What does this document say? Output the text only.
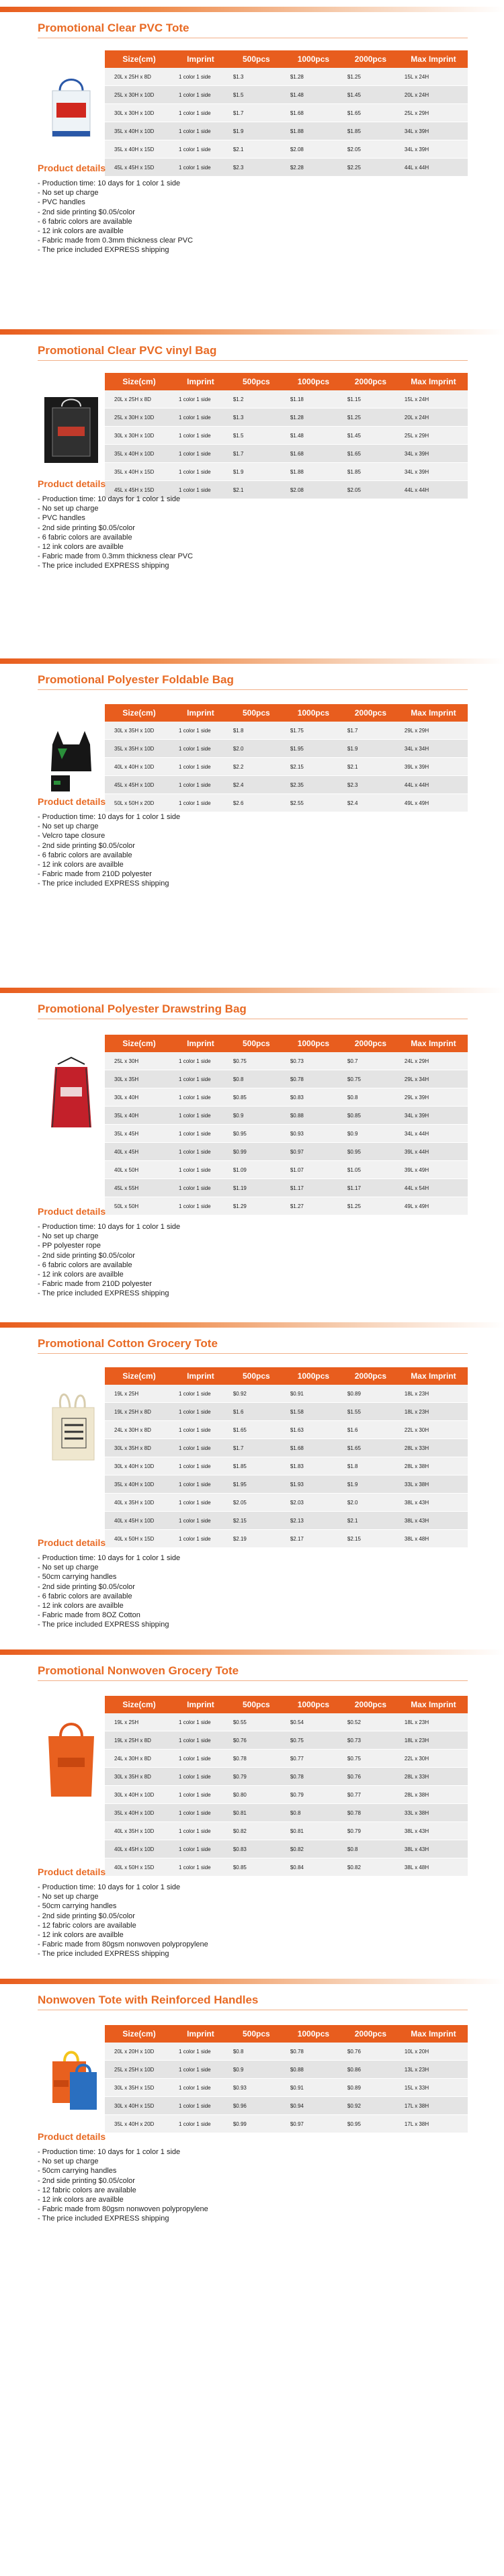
Promotional Clear PVC Tote
Size(cm)	Imprint	500pcs	1000pcs	2000pcs	Max Imprint
20L x 25H x 8D	1 color 1 side	$1.3	$1.28	$1.25	15L x 24H
25L x 30H x 10D	1 color 1 side	$1.5	$1.48	$1.45	20L x 24H
30L x 30H x 10D	1 color 1 side	$1.7	$1.68	$1.65	25L x 29H
35L x 40H x 10D	1 color 1 side	$1.9	$1.88	$1.85	34L x 39H
35L x 40H x 15D	1 color 1 side	$2.1	$2.08	$2.05	34L x 39H
45L x 45H x 15D	1 color 1 side	$2.3	$2.28	$2.25	44L x 44H
Product details
- Production time: 10 days for 1 color 1 side
- No set up charge
- PVC handles
- 2nd side printing $0.05/color
- 6 fabric colors are available
- 12 ink colors are availble
- Fabric made from 0.3mm thickness clear PVC
- The price included EXPRESS shipping
Promotional Clear PVC vinyl Bag
Size(cm)	Imprint	500pcs	1000pcs	2000pcs	Max Imprint
20L x 25H x 8D	1 color 1 side	$1.2	$1.18	$1.15	15L x 24H
25L x 30H x 10D	1 color 1 side	$1.3	$1.28	$1.25	20L x 24H
30L x 30H x 10D	1 color 1 side	$1.5	$1.48	$1.45	25L x 29H
35L x 40H x 10D	1 color 1 side	$1.7	$1.68	$1.65	34L x 39H
35L x 40H x 15D	1 color 1 side	$1.9	$1.88	$1.85	34L x 39H
45L x 45H x 15D	1 color 1 side	$2.1	$2.08	$2.05	44L x 44H
Product details
- Production time: 10 days for 1 color 1 side
- No set up charge
- PVC handles
- 2nd side printing $0.05/color
- 6 fabric colors are available
- 12 ink colors are availble
- Fabric made from 0.3mm thickness clear PVC
- The price included EXPRESS shipping
Promotional Polyester Foldable Bag
Size(cm)	Imprint	500pcs	1000pcs	2000pcs	Max Imprint
30L x 35H x 10D	1 color 1 side	$1.8	$1.75	$1.7	29L x 29H
35L x 35H x 10D	1 color 1 side	$2.0	$1.95	$1.9	34L x 34H
40L x 40H x 10D	1 color 1 side	$2.2	$2.15	$2.1	39L x 39H
45L x 45H x 10D	1 color 1 side	$2.4	$2.35	$2.3	44L x 44H
50L x 50H x 20D	1 color 1 side	$2.6	$2.55	$2.4	49L x 49H
Product details
- Production time: 10 days for 1 color 1 side
- No set up charge
- Velcro tape closure
- 2nd side printing $0.05/color
- 6 fabric colors are available
- 12 ink colors are availble
- Fabric made from 210D polyester
- The price included EXPRESS shipping
Promotional Polyester Drawstring Bag
Size(cm)	Imprint	500pcs	1000pcs	2000pcs	Max Imprint
25L x 30H	1 color 1 side	$0.75	$0.73	$0.7	24L x 29H
30L x 35H	1 color 1 side	$0.8	$0.78	$0.75	29L x 34H
30L x 40H	1 color 1 side	$0.85	$0.83	$0.8	29L x 39H
35L x 40H	1 color 1 side	$0.9	$0.88	$0.85	34L x 39H
35L x 45H	1 color 1 side	$0.95	$0.93	$0.9	34L x 44H
40L x 45H	1 color 1 side	$0.99	$0.97	$0.95	39L x 44H
40L x 50H	1 color 1 side	$1.09	$1.07	$1.05	39L x 49H
45L x 55H	1 color 1 side	$1.19	$1.17	$1.17	44L x 54H
50L x 50H	1 color 1 side	$1.29	$1.27	$1.25	49L x 49H
Product details
- Production time: 10 days for 1 color 1 side
- No set up charge
- PP polyester rope
- 2nd side printing $0.05/color
- 6 fabric colors are available
- 12 ink colors are availble
- Fabric made from 210D polyester
- The price included EXPRESS shipping
Promotional Cotton Grocery Tote
Size(cm)	Imprint	500pcs	1000pcs	2000pcs	Max Imprint
19L x 25H	1 color 1 side	$0.92	$0.91	$0.89	18L x 23H
19L x 25H x 8D	1 color 1 side	$1.6	$1.58	$1.55	18L x 23H
24L x 30H x 8D	1 color 1 side	$1.65	$1.63	$1.6	22L x 30H
30L x 35H x 8D	1 color 1 side	$1.7	$1.68	$1.65	28L x 33H
30L x 40H x 10D	1 color 1 side	$1.85	$1.83	$1.8	28L x 38H
35L x 40H x 10D	1 color 1 side	$1.95	$1.93	$1.9	33L x 38H
40L x 35H x 10D	1 color 1 side	$2.05	$2.03	$2.0	38L x 43H
40L x 45H x 10D	1 color 1 side	$2.15	$2.13	$2.1	38L x 43H
40L x 50H x 15D	1 color 1 side	$2.19	$2.17	$2.15	38L x 48H
Product details
- Production time: 10 days for 1 color 1 side
- No set up charge
- 50cm carrying handles
- 2nd side printing $0.05/color
- 6 fabric colors are available
- 12 ink colors are availble
- Fabric made from 8OZ Cotton
- The price included EXPRESS shipping
Promotional Nonwoven Grocery Tote
Size(cm)	Imprint	500pcs	1000pcs	2000pcs	Max Imprint
19L x 25H	1 color 1 side	$0.55	$0.54	$0.52	18L x 23H
19L x 25H x 8D	1 color 1 side	$0.76	$0.75	$0.73	18L x 23H
24L x 30H x 8D	1 color 1 side	$0.78	$0.77	$0.75	22L x 30H
30L x 35H x 8D	1 color 1 side	$0.79	$0.78	$0.76	28L x 33H
30L x 40H x 10D	1 color 1 side	$0.80	$0.79	$0.77	28L x 38H
35L x 40H x 10D	1 color 1 side	$0.81	$0.8	$0.78	33L x 38H
40L x 35H x 10D	1 color 1 side	$0.82	$0.81	$0.79	38L x 43H
40L x 45H x 10D	1 color 1 side	$0.83	$0.82	$0.8	38L x 43H
40L x 50H x 15D	1 color 1 side	$0.85	$0.84	$0.82	38L x 48H
Product details
- Production time: 10 days for 1 color 1 side
- No set up charge
- 50cm carrying handles
- 2nd side printing $0.05/color
- 12 fabric colors are available
- 12 ink colors are availble
- Fabric made from 80gsm nonwoven polypropylene
- The price included EXPRESS shipping
Nonwoven Tote with Reinforced Handles
Size(cm)	Imprint	500pcs	1000pcs	2000pcs	Max Imprint
20L x 20H x 10D	1 color 1 side	$0.8	$0.78	$0.76	10L x 20H
25L x 25H x 10D	1 color 1 side	$0.9	$0.88	$0.86	13L x 23H
30L x 35H x 15D	1 color 1 side	$0.93	$0.91	$0.89	15L x 33H
30L x 40H x 15D	1 color 1 side	$0.96	$0.94	$0.92	17L x 38H
35L x 40H x 20D	1 color 1 side	$0.99	$0.97	$0.95	17L x 38H
Product details
- Production time: 10 days for 1 color 1 side
- No set up charge
- 50cm carrying handles
- 2nd side printing $0.05/color
- 12 fabric colors are available
- 12 ink colors are availble
- Fabric made from 80gsm nonwoven polypropylene
- The price included EXPRESS shipping
